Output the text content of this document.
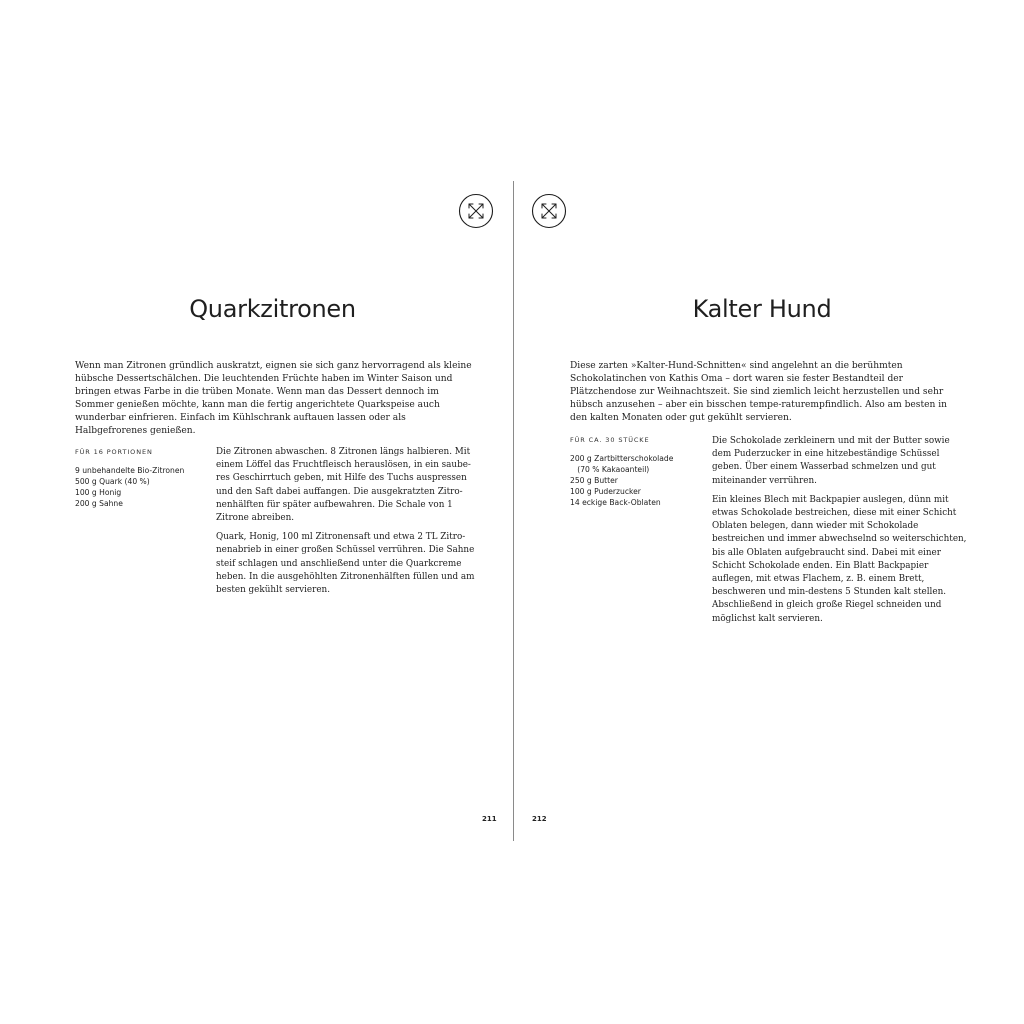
Quarkzitronen

Wenn man Zitronen gründlich auskratzt, eignen sie sich ganz hervorragend als kleine hübsche Dessertschälchen. Die leuchtenden Früchte haben im Winter Saison und bringen etwas Farbe in die trüben Monate. Wenn man das Dessert dennoch im Sommer genießen möchte, kann man die fertig angerichtete Quarkspeise auch wunderbar einfrieren. Einfach im Kühlschrank auftauen lassen oder als Halbgefrorenes genießen.

FÜR 16 PORTIONEN
9 unbehandelte Bio-Zitronen
500 g Quark (40 %)
100 g Honig
200 g Sahne

Die Zitronen abwaschen. 8 Zitronen längs halbieren. Mit einem Löffel das Fruchtfleisch herauslösen, in ein saube-res Geschirrtuch geben, mit Hilfe des Tuchs auspressen und den Saft dabei auffangen. Die ausgekratzten Zitro-nenhälften für später aufbewahren. Die Schale von 1 Zitrone abreiben.

Quark, Honig, 100 ml Zitronensaft und etwa 2 TL Zitro-nenabrieb in einer großen Schüssel verrühren. Die Sahne steif schlagen und anschließend unter die Quarkcreme heben. In die ausgehöhlten Zitronenhälften füllen und am besten gekühlt servieren.

211
Kalter Hund

Diese zarten »Kalter-Hund-Schnitten« sind angelehnt an die berühmten Schokolatinchen von Kathis Oma – dort waren sie fester Bestandteil der Plätzchendose zur Weihnachtszeit. Sie sind ziemlich leicht herzustellen und sehr hübsch anzusehen – aber ein bisschen tempe-raturempfindlich. Also am besten in den kalten Monaten oder gut gekühlt servieren.

FÜR CA. 30 STÜCKE
200 g Zartbitterschokolade
(70 % Kakaoanteil)
250 g Butter
100 g Puderzucker
14 eckige Back-Oblaten

Die Schokolade zerkleinern und mit der Butter sowie dem Puderzucker in eine hitzebeständige Schüssel geben. Über einem Wasserbad schmelzen und gut miteinander verrühren.

Ein kleines Blech mit Backpapier auslegen, dünn mit etwas Schokolade bestreichen, diese mit einer Schicht Oblaten belegen, dann wieder mit Schokolade bestreichen und immer abwechselnd so weiterschichten, bis alle Oblaten aufgebraucht sind. Dabei mit einer Schicht Schokolade enden. Ein Blatt Backpapier auflegen, mit etwas Flachem, z. B. einem Brett, beschweren und min-destens 5 Stunden kalt stellen. Abschließend in gleich große Riegel schneiden und möglichst kalt servieren.

212
